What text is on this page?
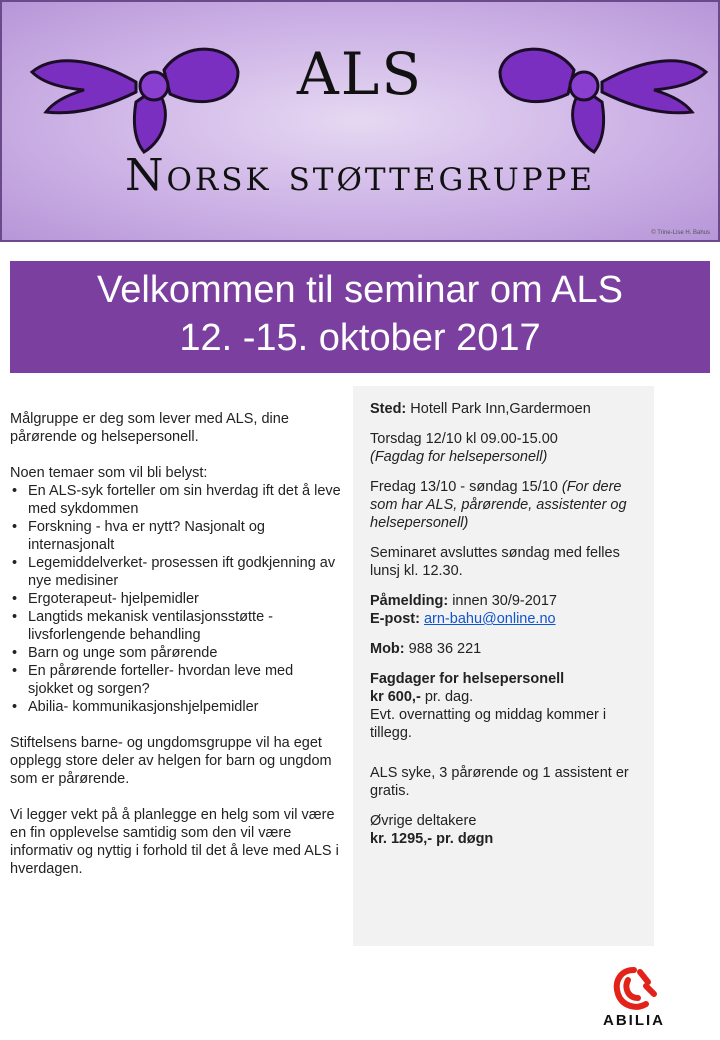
ALS
Norsk støttegruppe
© Trine-Lise H. Bahus
Velkommen til seminar om ALS
12. -15. oktober 2017

Målgruppe er deg som lever med ALS, dine pårørende og helsepersonell.

Noen temaer som vil bli belyst:

• En ALS-syk forteller om sin hverdag ift det å leve med sykdommen
• Forskning - hva er nytt? Nasjonalt og internasjonalt
• Legemiddelverket- prosessen ift godkjenning av nye medisiner
• Ergoterapeut- hjelpemidler
• Langtids mekanisk ventilasjonsstøtte - livsforlengende behandling
• Barn og unge som pårørende
• En pårørende forteller- hvordan leve med sjokket og sorgen?
• Abilia- kommunikasjonshjelpemidler

Stiftelsens barne- og ungdomsgruppe vil ha eget opplegg store deler av helgen for barn og ungdom som er pårørende.

Vi legger vekt på å planlegge en helg som vil være en fin opplevelse samtidig som den vil være informativ og nyttig i forhold til det å leve med ALS i hverdagen.

Sted: Hotell Park Inn,Gardermoen

Torsdag 12/10 kl 09.00-15.00

(Fagdag for helsepersonell)

Fredag 13/10 - søndag 15/10 (For dere som har ALS, pårørende, assistenter og helsepersonell)

Seminaret avsluttes søndag med felles lunsj kl. 12.30.

Påmelding: innen 30/9-2017

E-post: arn-bahu@online.no

Mob: 988 36 221

Fagdager for helsepersonell

kr 600,- pr. dag.

Evt. overnatting og middag kommer i tillegg.

ALS syke, 3 pårørende og 1 assistent er gratis.

Øvrige deltakere

kr. 1295,- pr. døgn

ABILIA
